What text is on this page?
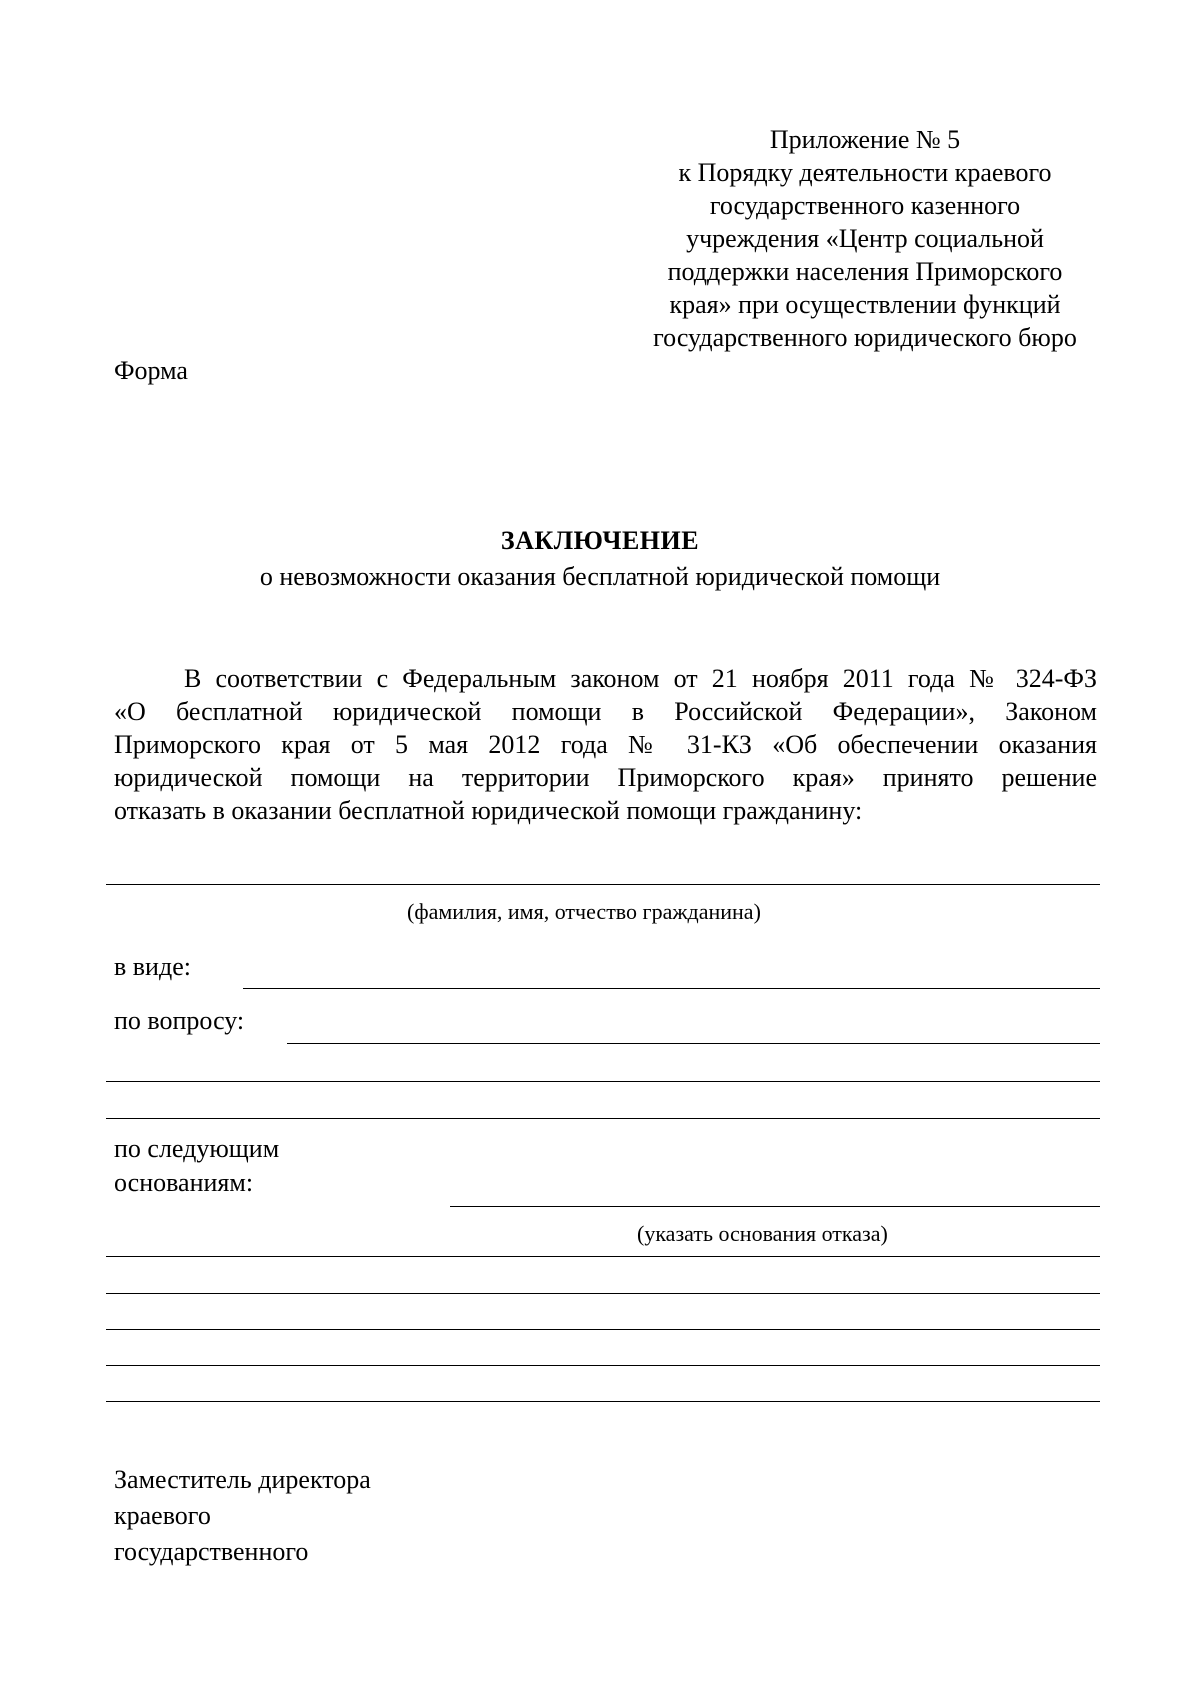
Приложение № 5
к Порядку деятельности краевого
государственного казенного
учреждения «Центр социальной
поддержки населения Приморского
края» при осуществлении функций
государственного юридического бюро
Форма
ЗАКЛЮЧЕНИЕ
о невозможности оказания бесплатной юридической помощи
В соответствии с Федеральным законом от 21 ноября 2011 года № 324-ФЗ
«О бесплатной юридической помощи в Российской Федерации», Законом
Приморского края от 5 мая 2012 года № 31-КЗ «Об обеспечении оказания
юридической помощи на территории Приморского края» принято решение
отказать в оказании бесплатной юридической помощи гражданину:
(фамилия, имя, отчество гражданина)
в виде:
по вопросу:
по следующим
основаниям:
(указать основания отказа)
Заместитель директора
краевого
государственного
